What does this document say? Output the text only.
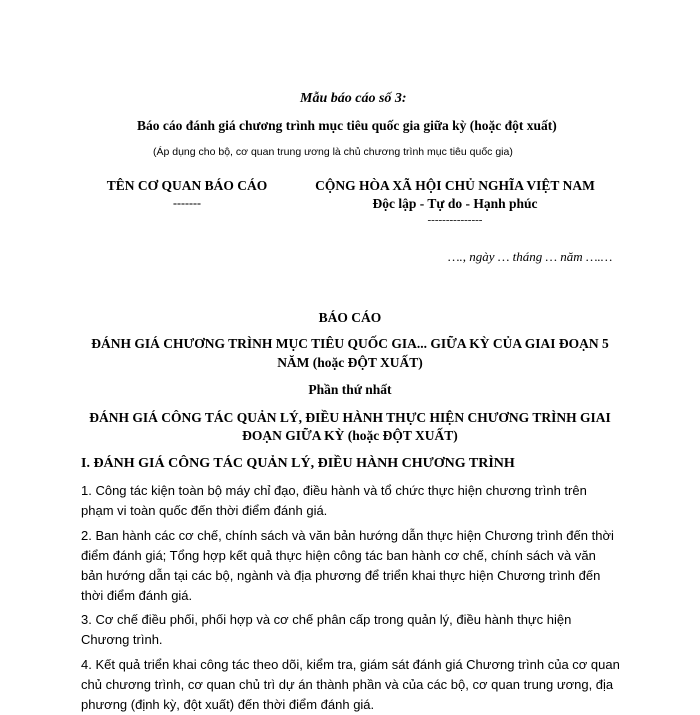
Mẫu báo cáo số 3:
Báo cáo đánh giá chương trình mục tiêu quốc gia giữa kỳ (hoặc đột xuất)
(Áp dụng cho bộ, cơ quan trung ương là chủ chương trình mục tiêu quốc gia)
TÊN CƠ QUAN BÁO CÁO
-------
CỘNG HÒA XÃ HỘI CHỦ NGHĨA VIỆT NAM
Độc lập - Tự do - Hạnh phúc
---------------
…., ngày … tháng … năm ….…
BÁO CÁO
ĐÁNH GIÁ CHƯƠNG TRÌNH MỤC TIÊU QUỐC GIA... GIỮA KỲ CỦA GIAI ĐOẠN 5
NĂM (hoặc ĐỘT XUẤT)
Phần thứ nhất
ĐÁNH GIÁ CÔNG TÁC QUẢN LÝ, ĐIỀU HÀNH THỰC HIỆN CHƯƠNG TRÌNH GIAI
ĐOẠN GIỮA KỲ (hoặc ĐỘT XUẤT)
I. ĐÁNH GIÁ CÔNG TÁC QUẢN LÝ, ĐIỀU HÀNH CHƯƠNG TRÌNH
1. Công tác kiện toàn bộ máy chỉ đạo, điều hành và tổ chức thực hiện chương trình trên phạm vi toàn quốc đến thời điểm đánh giá.
2. Ban hành các cơ chế, chính sách và văn bản hướng dẫn thực hiện Chương trình đến thời điểm đánh giá; Tổng hợp kết quả thực hiện công tác ban hành cơ chế, chính sách và văn bản hướng dẫn tại các bộ, ngành và địa phương để triển khai thực hiện Chương trình đến thời điểm đánh giá.
3. Cơ chế điều phối, phối hợp và cơ chế phân cấp trong quản lý, điều hành thực hiện Chương trình.
4. Kết quả triển khai công tác theo dõi, kiểm tra, giám sát đánh giá Chương trình của cơ quan chủ chương trình, cơ quan chủ trì dự án thành phần và của các bộ, cơ quan trung ương, địa phương (định kỳ, đột xuất) đến thời điểm đánh giá.
